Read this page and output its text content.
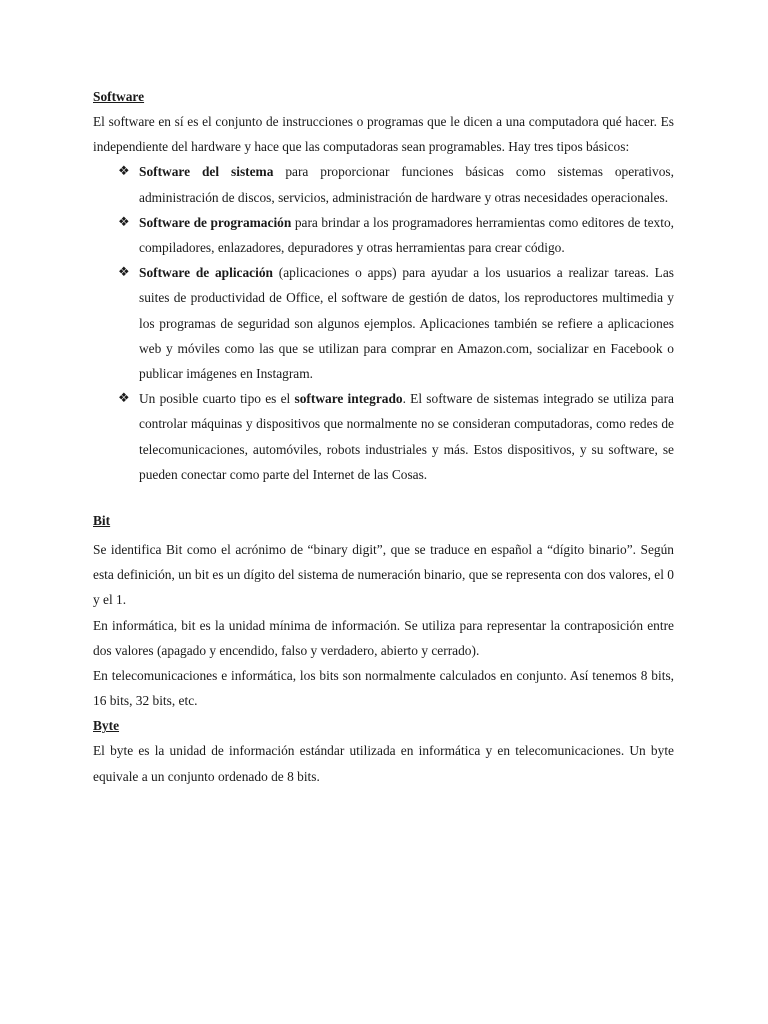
Software

El software en sí es el conjunto de instrucciones o programas que le dicen a una computadora qué hacer. Es independiente del hardware y hace que las computadoras sean programables. Hay tres tipos básicos:

❖ Software del sistema para proporcionar funciones básicas como sistemas operativos, administración de discos, servicios, administración de hardware y otras necesidades operacionales.
❖ Software de programación para brindar a los programadores herramientas como editores de texto, compiladores, enlazadores, depuradores y otras herramientas para crear código.
❖ Software de aplicación (aplicaciones o apps) para ayudar a los usuarios a realizar tareas. Las suites de productividad de Office, el software de gestión de datos, los reproductores multimedia y los programas de seguridad son algunos ejemplos. Aplicaciones también se refiere a aplicaciones web y móviles como las que se utilizan para comprar en Amazon.com, socializar en Facebook o publicar imágenes en Instagram.
❖ Un posible cuarto tipo es el software integrado. El software de sistemas integrado se utiliza para controlar máquinas y dispositivos que normalmente no se consideran computadoras, como redes de telecomunicaciones, automóviles, robots industriales y más. Estos dispositivos, y su software, se pueden conectar como parte del Internet de las Cosas.
Bit

Se identifica Bit como el acrónimo de “binary digit”, que se traduce en español a “dígito binario”. Según esta definición, un bit es un dígito del sistema de numeración binario, que se representa con dos valores, el 0 y el 1.

En informática, bit es la unidad mínima de información. Se utiliza para representar la contraposición entre dos valores (apagado y encendido, falso y verdadero, abierto y cerrado).

En telecomunicaciones e informática, los bits son normalmente calculados en conjunto. Así tenemos 8 bits, 16 bits, 32 bits, etc.

Byte

El byte es la unidad de información estándar utilizada en informática y en telecomunicaciones. Un byte equivale a un conjunto ordenado de 8 bits.
